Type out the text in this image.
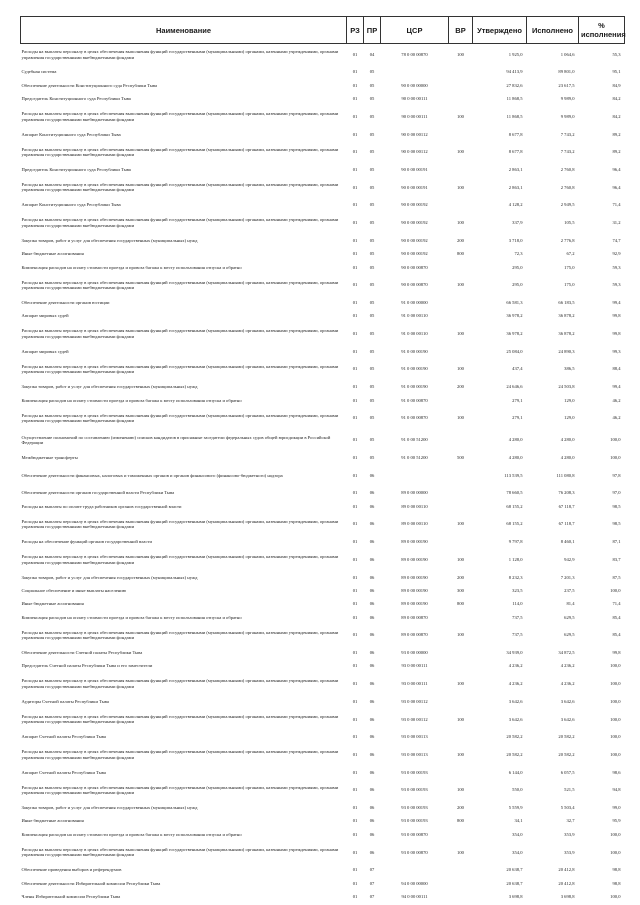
Наименование	РЗ	ПР	ЦСР	ВР	Утверждено	Исполнено	% исполнения
Расходы на выплаты персоналу в целях обеспечения выполнения функций государственными (муниципальными) органами, казенными учреждениями, органами управления государственными внебюджетными фондами	01	04	78 0 00 00870	100	1 925,0	1 064,6	55,3
Судебная система	01	05			94 413,9	89 801,0	95,1
Обеспечение деятельности Конституционного суда Республики Тыва	01	05	90 0 00 00000		27 832,6	23 617,5	84,9
Председатель Конституционного суда Республики Тыва	01	05	90 0 00 00111		11 868,5	9 989,0	84,2
Расходы на выплаты персоналу в целях обеспечения выполнения функций государственными (муниципальными) органами, казенными учреждениями, органами управления государственными внебюджетными фондами	01	05	90 0 00 00111	100	11 868,5	9 989,0	84,2
Аппарат Конституционного суда Республики Тыва	01	05	90 0 00 00112		8 677,8	7 743,2	89,2
Расходы на выплаты персоналу в целях обеспечения выполнения функций государственными (муниципальными) органами, казенными учреждениями, органами управления государственными внебюджетными фондами	01	05	90 0 00 00112	100	8 677,8	7 743,2	89,2
Председатель Конституционного суда Республики Тыва	01	05	90 0 00 00191		2 863,1	2 760,8	96,4
Расходы на выплаты персоналу в целях обеспечения выполнения функций государственными (муниципальными) органами, казенными учреждениями, органами управления государственными внебюджетными фондами	01	05	90 0 00 00191	100	2 863,1	2 760,8	96,4
Аппарат Конституционного суда Республики Тыва	01	05	90 0 00 00192		4 128,2	2 949,5	71,4
Расходы на выплаты персоналу в целях обеспечения выполнения функций государственными (муниципальными) органами, казенными учреждениями, органами управления государственными внебюджетными фондами	01	05	90 0 00 00192	100	337,9	105,5	31,2
Закупка товаров, работ и услуг для обеспечения государственных (муниципальных) нужд	01	05	90 0 00 00192	200	3 718,0	2 776,8	74,7
Иные бюджетные ассигнования	01	05	90 0 00 00192	800	72,3	67,2	92,9
Компенсация расходов на оплату стоимости проезда и провоза багажа к месту использования отпуска и обратно	01	05	90 0 00 00870		295,0	175,0	59,3
Расходы на выплаты персоналу в целях обеспечения выполнения функций государственными (муниципальными) органами, казенными учреждениями, органами управления государственными внебюджетными фондами	01	05	90 0 00 00870	100	295,0	175,0	59,3
Обеспечение деятельности органов юстиции	01	05	91 0 00 00000		66 581,3	66 183,5	99,4
Аппарат мировых судей	01	05	91 0 00 00110		36 978,2	36 878,2	99,8
Расходы на выплаты персоналу в целях обеспечения выполнения функций государственными (муниципальными) органами, казенными учреждениями, органами управления государственными внебюджетными фондами	01	05	91 0 00 00110	100	36 978,2	36 878,2	99,8
Аппарат мировых судей	01	05	91 0 00 00190		25 084,0	24 890,3	99,3
Расходы на выплаты персоналу в целях обеспечения выполнения функций государственными (муниципальными) органами, казенными учреждениями, органами управления государственными внебюджетными фондами	01	05	91 0 00 00190	100	437,4	386,5	88,4
Закупка товаров, работ и услуг для обеспечения государственных (муниципальных) нужд	01	05	91 0 00 00190	200	24 646,6	24 503,8	99,4
Компенсация расходов на оплату стоимости проезда и провоза багажа к месту использования отпуска и обратно	01	05	91 0 00 00870		279,1	129,0	46,2
Расходы на выплаты персоналу в целях обеспечения выполнения функций государственными (муниципальными) органами, казенными учреждениями, органами управления государственными внебюджетными фондами	01	05	91 0 00 00870	100	279,1	129,0	46,2
Осуществление полномочий по составлению (изменению) списков кандидатов в присяжные заседатели федеральных судов общей юрисдикции в Российской Федерации	01	05	91 0 00 51200		4 280,0	4 280,0	100,0
Межбюджетные трансферты	01	05	91 0 00 51200	500	4 280,0	4 280,0	100,0
Обеспечение деятельности финансовых, налоговых и таможенных органов и органов финансового (финансово-бюджетного) надзора	01	06			113 539,5	111 080,8	97,8
Обеспечение деятельности органов государственной власти Республики Тыва	01	06	89 0 00 00000		78 660,5	76 208,3	97,0
Расходы на выплаты по оплате труда работников органов государственной власти	01	06	89 0 00 00110		68 155,2	67 118,7	98,5
Расходы на выплаты персоналу в целях обеспечения выполнения функций государственными (муниципальными) органами, казенными учреждениями, органами управления государственными внебюджетными фондами	01	06	89 0 00 00110	100	68 155,2	67 118,7	98,5
Расходы на обеспечение функций органов государственной власти	01	06	89 0 00 00190		9 797,8	8 460,1	87,1
Расходы на выплаты персоналу в целях обеспечения выполнения функций государственными (муниципальными) органами, казенными учреждениями, органами управления государственными внебюджетными фондами	01	06	89 0 00 00190	100	1 128,0	942,9	83,7
Закупка товаров, работ и услуг для обеспечения государственных (муниципальных) нужд	01	06	89 0 00 00190	200	8 232,3	7 201,3	87,5
Социальное обеспечение и иные выплаты населению	01	06	89 0 00 00190	300	323,5	237,5	100,0
Иные бюджетные ассигнования	01	06	89 0 00 00190	800	114,0	81,4	71,4
Компенсация расходов на оплату стоимости проезда и провоза багажа к месту использования отпуска и обратно	01	06	89 0 00 00870		737,5	629,5	85,4
Расходы на выплаты персоналу в целях обеспечения выполнения функций государственными (муниципальными) органами, казенными учреждениями, органами управления государственными внебюджетными фондами	01	06	89 0 00 00870	100	737,5	629,5	85,4
Обеспечение деятельности Счетной палаты Республики Тыва	01	06	93 0 00 00000		34 939,0	34 872,5	99,8
Председатель Счетной палаты Республики Тыва и его заместители	01	06	93 0 00 00111		4 236,2	4 236,2	100,0
Расходы на выплаты персоналу в целях обеспечения выполнения функций государственными (муниципальными) органами, казенными учреждениями, органами управления государственными внебюджетными фондами	01	06	93 0 00 00111	100	4 236,2	4 236,2	100,0
Аудиторы Счетной палаты Республики Тыва	01	06	93 0 00 00112		3 642,6	3 642,6	100,0
Расходы на выплаты персоналу в целях обеспечения выполнения функций государственными (муниципальными) органами, казенными учреждениями, органами управления государственными внебюджетными фондами	01	06	93 0 00 00112	100	3 642,6	3 642,6	100,0
Аппарат Счетной палаты Республики Тыва	01	06	93 0 00 00113		20 582,2	20 582,2	100,0
Расходы на выплаты персоналу в целях обеспечения выполнения функций государственными (муниципальными) органами, казенными учреждениями, органами управления государственными внебюджетными фондами	01	06	93 0 00 00113	100	20 582,2	20 582,2	100,0
Аппарат Счетной палаты Республики Тыва	01	06	93 0 00 00193		6 144,0	6 057,5	98,6
Расходы на выплаты персоналу в целях обеспечения выполнения функций государственными (муниципальными) органами, казенными учреждениями, органами управления государственными внебюджетными фондами	01	06	93 0 00 00193	100	550,0	521,5	94,8
Закупка товаров, работ и услуг для обеспечения государственных (муниципальных) нужд	01	06	93 0 00 00193	200	5 559,9	5 503,4	99,0
Иные бюджетные ассигнования	01	06	93 0 00 00193	800	34,1	32,7	95,9
Компенсация расходов на оплату стоимости проезда и провоза багажа к месту использования отпуска и обратно	01	06	93 0 00 00870		354,0	353,9	100,0
Расходы на выплаты персоналу в целях обеспечения выполнения функций государственными (муниципальными) органами, казенными учреждениями, органами управления государственными внебюджетными фондами	01	06	93 0 00 00870	100	354,0	353,9	100,0
Обеспечение проведения выборов и референдумов	01	07			20 638,7	20 412,8	98,8
Обеспечение деятельности Избирательной комиссии Республики Тыва	01	07	94 0 00 00000		20 638,7	20 412,8	98,8
Члены Избирательной комиссии Республики Тыва	01	07	94 0 00 00111		3 698,8	3 698,8	100,0
